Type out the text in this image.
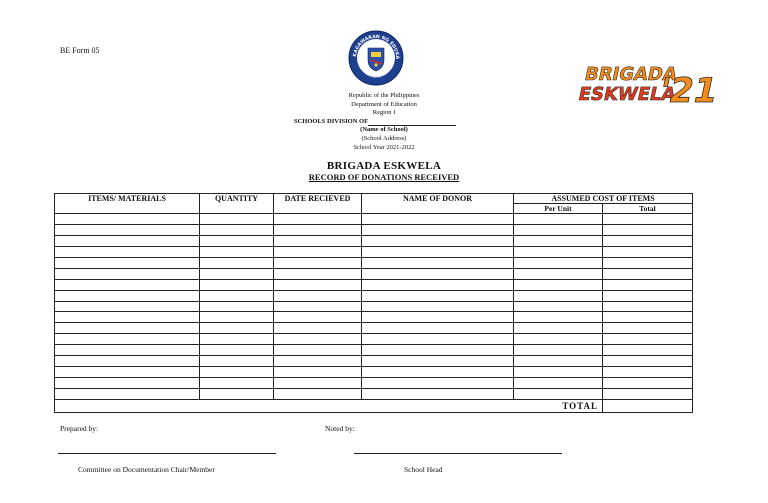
BE Form 05	KAGAWARAN NG EDUKA
REPUBLIKA NG PILIPINAS
Republic of the Philippines
Department of Education
Region I
SCHOOLS DIVISION OF
(Name of School)
(School Address)
School Year 2021-2022
BRIGADA
ESKWELA
'21
BRIGADA ESKWELA
RECORD OF DONATIONS RECEIVED
ITEMS/ MATERIALS	QUANTITY	DATE RECIEVED	NAME OF DONOR	ASSUMED COST OF ITEMS	
				Per Unit	Total

TOTAL					
Prepared by:	Noted by:
Committee on Documentation Chair/Member	School Head
